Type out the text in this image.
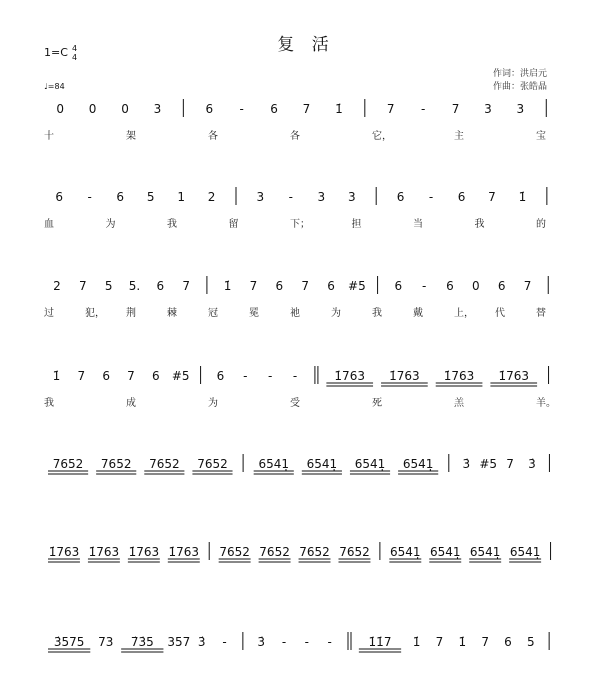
复 活
1=C 4
4
♩=84
作词：洪启元
作曲：张皓晶
0 0 0 3	6 - 6 7 1̇	7 - 7 3 3
十	架	各	各	它，	主	宝
6 - 6 5 1 2	3 - 3 3	6 - 6 7 1̇
血	为	我	留	下；	担	当	我	的
2 7 5 5. 6 7	1̇ 7 6 7 6 #5 6 - 6 0 6 7
过	犯， 荆	棘	冠	冕	祂	为	我	戴	上， 代	替
1̇ 7 6 7 6 #5 6 - - -	1̇763 1̇763 1̇763 1̇763
我	成	为	受	死	羔	羊。
7652 7652 7652 7652	6541̣ 6541̣ 6541̣ 6541̣ 3̇ #5 7 3̇
1̇763 1̇763 1̇763 1̇763 7652 7652 7652 7652 6541̣ 6541̣ 6541̣ 6541̣
3̇575 73 7̇3̇5 357 3̇ -	3̇ - - -	1̇1̇7 1̇ 7 1̇ 7 6 5
